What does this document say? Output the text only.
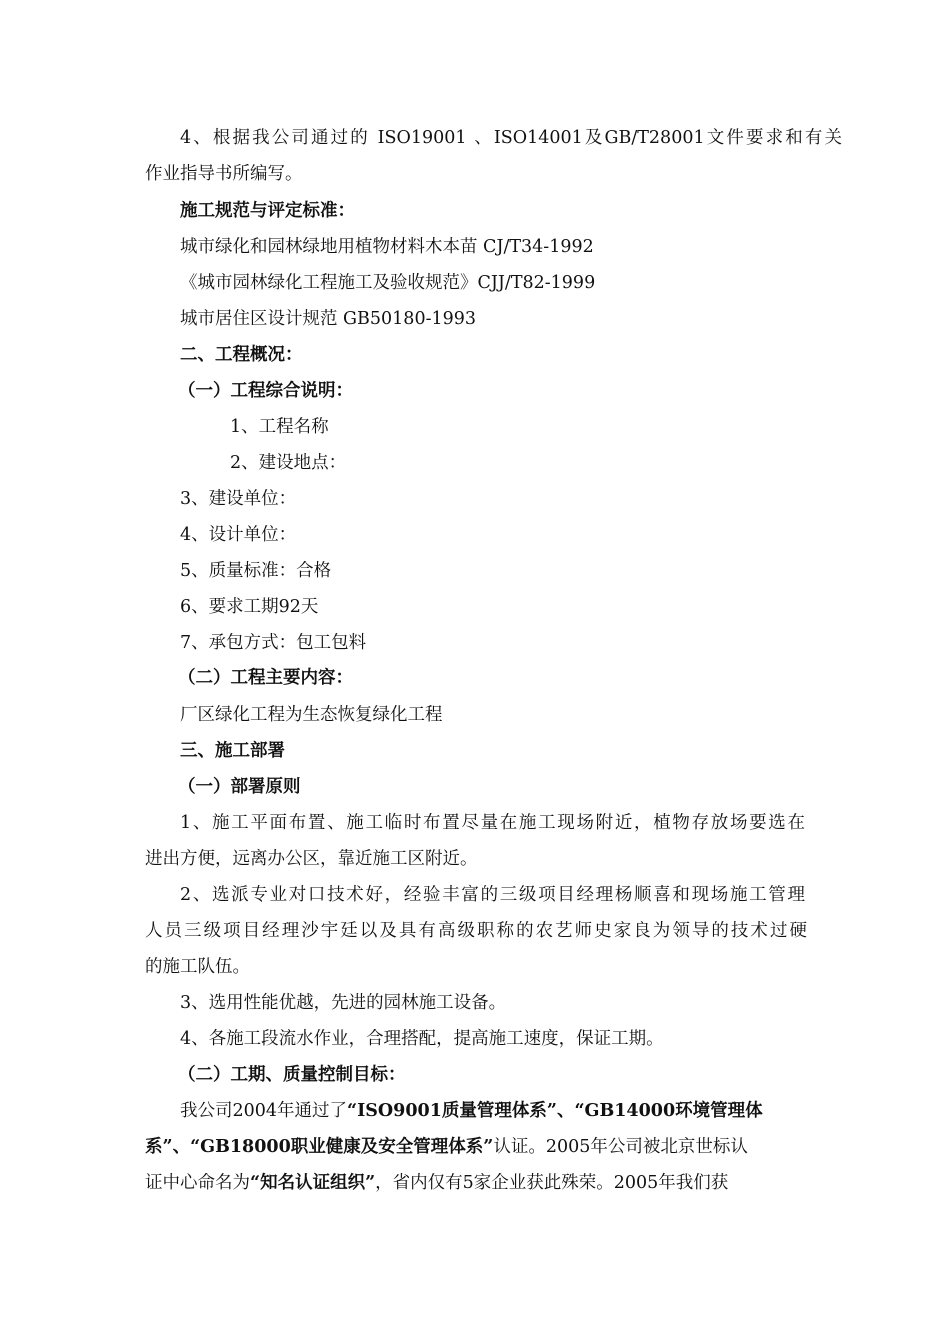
4、根据我公司通过的 ISO19001 、ISO14001及GB/T28001文件要求和有关
作业指导书所编写。
施工规范与评定标准：
城市绿化和园林绿地用植物材料木本苗 CJ/T34-1992
《城市园林绿化工程施工及验收规范》CJJ/T82-1999
城市居住区设计规范 GB50180-1993
二、工程概况：
（一）工程综合说明：
1、工程名称
2、建设地点：
3、建设单位：
4、设计单位：
5、质量标准：合格
6、要求工期92天
7、承包方式：包工包料
（二）工程主要内容：
厂区绿化工程为生态恢复绿化工程
三、施工部署
（一）部署原则
1、施工平面布置、施工临时布置尽量在施工现场附近，植物存放场要选在
进出方便，远离办公区，靠近施工区附近。
2、选派专业对口技术好，经验丰富的三级项目经理杨顺喜和现场施工管理
人员三级项目经理沙宇廷以及具有高级职称的农艺师史家良为领导的技术过硬
的施工队伍。
3、选用性能优越，先进的园林施工设备。
4、各施工段流水作业，合理搭配，提高施工速度，保证工期。
（二）工期、质量控制目标：
我公司2004年通过了“ISO9001质量管理体系”、“GB14000环境管理体
系”、“GB18000职业健康及安全管理体系”认证。2005年公司被北京世标认
证中心命名为“知名认证组织”，省内仅有5家企业获此殊荣。2005年我们获
